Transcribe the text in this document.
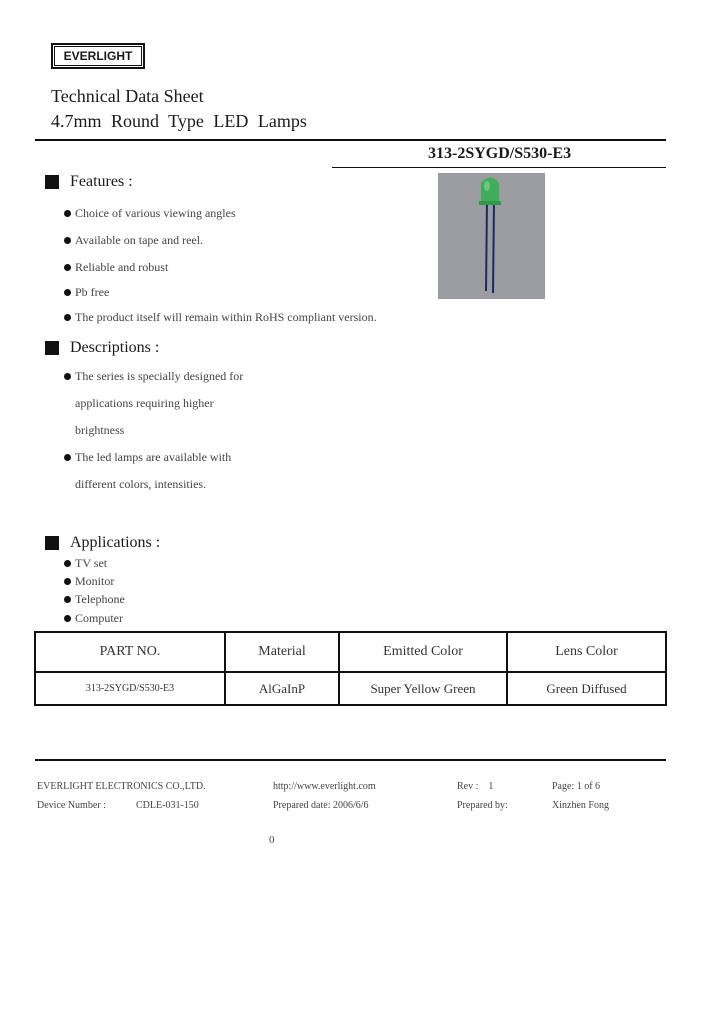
EVERLIGHT
Technical Data Sheet
4.7mm Round Type LED Lamps
313-2SYGD/S530-E3
Features :
Choice of various viewing angles
Available on tape and reel.
Reliable and robust
Pb free
The product itself will remain within RoHS compliant version.
Descriptions :
The series is specially designed for
applications requiring higher
brightness
The led lamps are available with
different colors, intensities.
Applications :
TV set
Monitor
Telephone
Computer
PART NO.	Material	Emitted Color	Lens Color
313-2SYGD/S530-E3	AlGaInP	Super Yellow Green	Green Diffused
EVERLIGHT ELECTRONICS CO.,LTD.	http://www.everlight.com	Rev :    1	Page: 1 of 6
Device Number :	CDLE-031-150	Prepared date: 2006/6/6	Prepared by:	Xinzhen Fong
0
